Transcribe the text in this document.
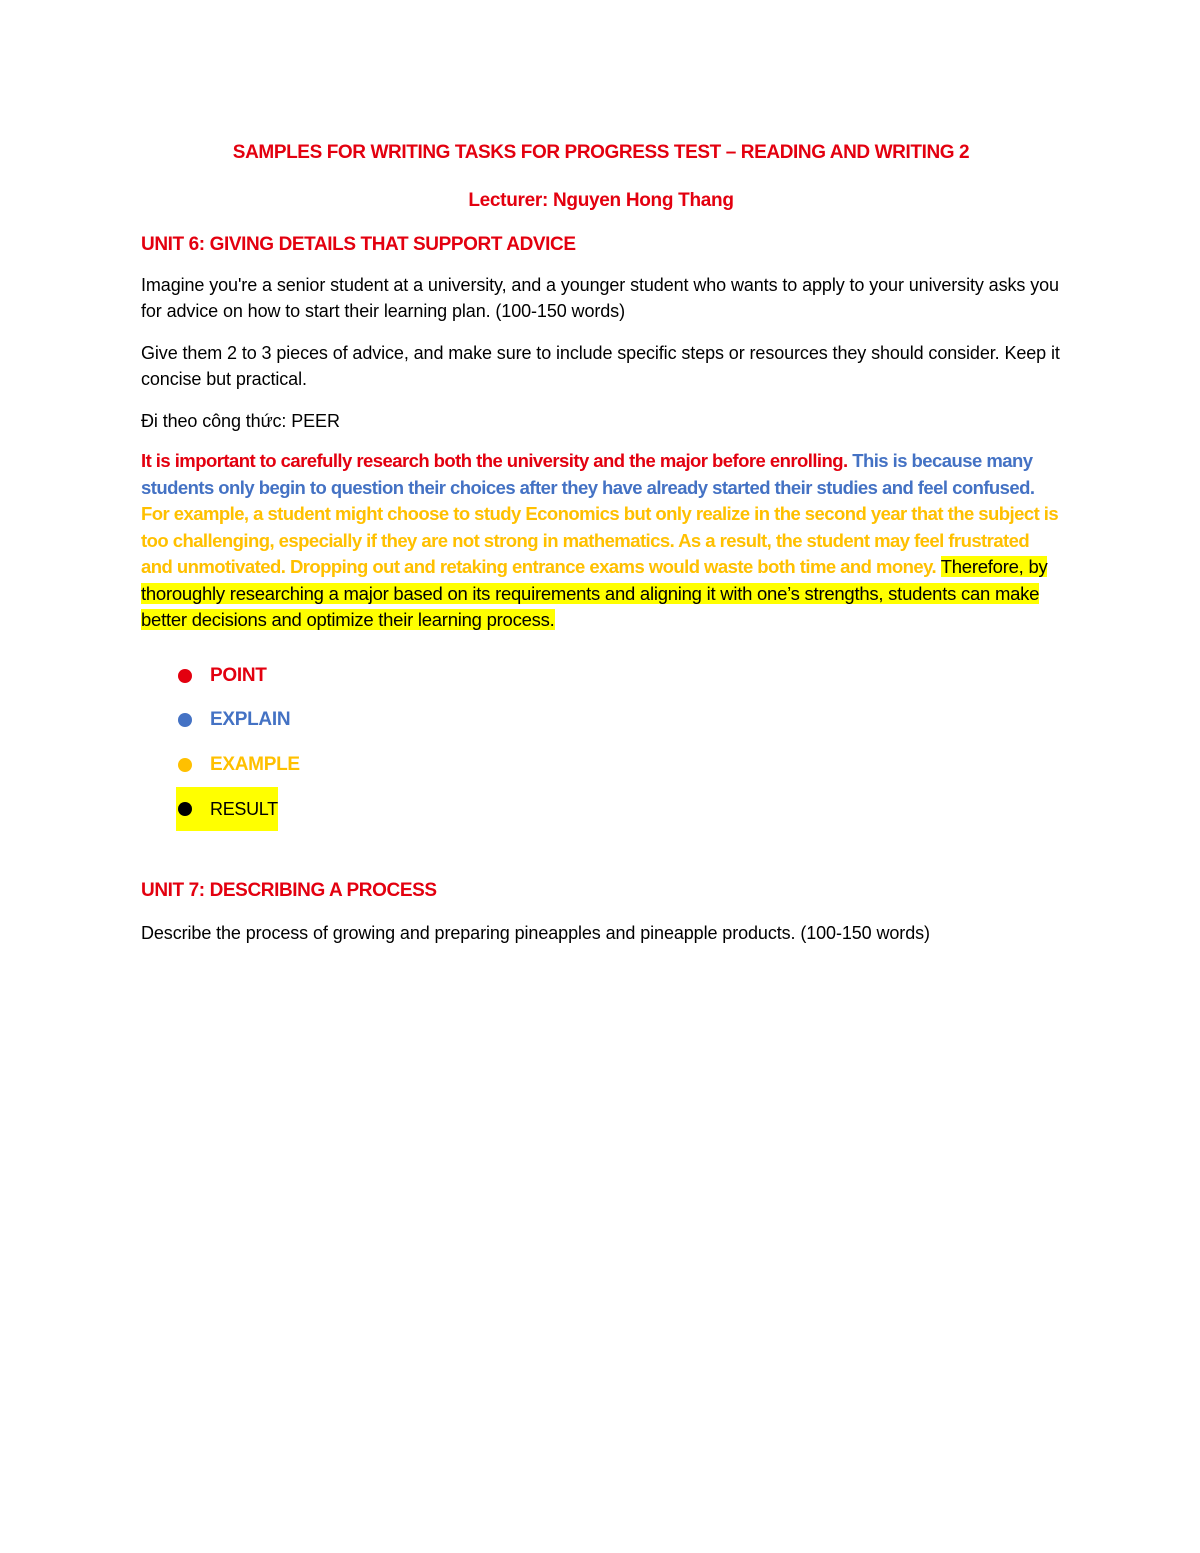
SAMPLES FOR WRITING TASKS FOR PROGRESS TEST – READING AND WRITING 2

Lecturer: Nguyen Hong Thang

UNIT 6: GIVING DETAILS THAT SUPPORT ADVICE

Imagine you're a senior student at a university, and a younger student who wants to apply to your university asks you for advice on how to start their learning plan. (100-150 words)

Give them 2 to 3 pieces of advice, and make sure to include specific steps or resources they should consider. Keep it concise but practical.

Đi theo công thức: PEER

It is important to carefully research both the university and the major before enrolling. This is because many students only begin to question their choices after they have already started their studies and feel confused. For example, a student might choose to study Economics but only realize in the second year that the subject is too challenging, especially if they are not strong in mathematics. As a result, the student may feel frustrated and unmotivated. Dropping out and retaking entrance exams would waste both time and money. Therefore, by thoroughly researching a major based on its requirements and aligning it with one’s strengths, students can make better decisions and optimize their learning process.

POINT
EXPLAIN
EXAMPLE
RESULT

UNIT 7: DESCRIBING A PROCESS

Describe the process of growing and preparing pineapples and pineapple products. (100-150 words)
